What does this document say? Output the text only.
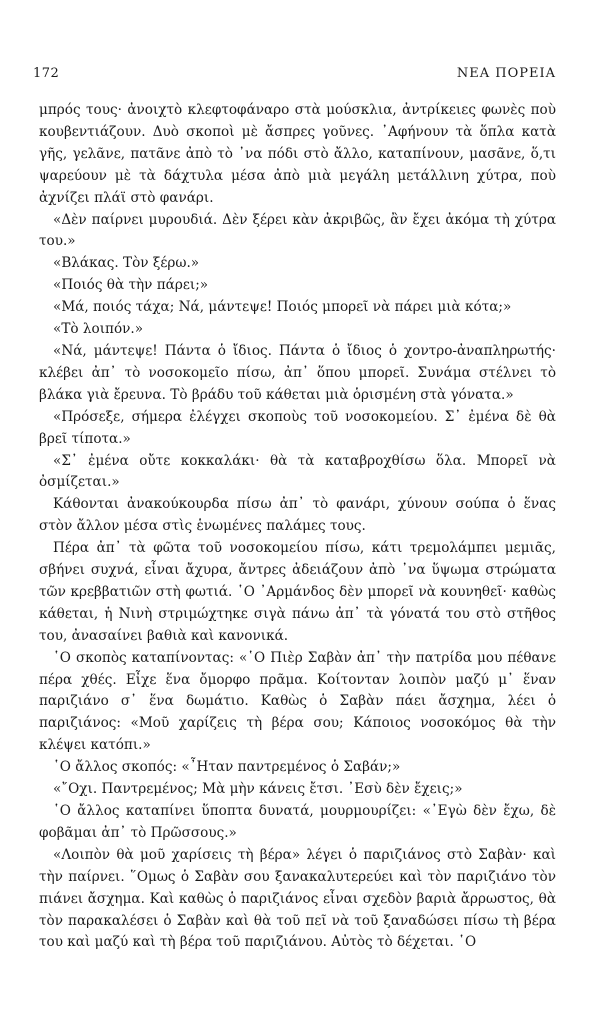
172	ΝΕΑ ΠΟΡΕΙΑ

μπρός τους· ἀνοιχτὸ κλεφτοφάναρο στὰ μούσκλια, ἀντρίκειες φωνὲς ποὺ κουβεντιάζουν. Δυὸ σκοποὶ μὲ ἄσπρες γοῦνες. ᾿Αφήνουν τὰ ὅπλα κατὰ γῆς, γελᾶνε, πατᾶνε ἀπὸ τὸ ᾿να πόδι στὸ ἄλλο, καταπίνουν, μασᾶνε, ὅ,τι ψαρεύουν μὲ τὰ δάχτυλα μέσα ἀπὸ μιὰ μεγάλη μετάλλινη χύτρα, ποὺ ἀχνίζει πλάϊ στὸ φανάρι.

«Δὲν παίρνει μυρουδιά. Δὲν ξέρει κὰν ἀκριβῶς, ἂν ἔχει ἀκόμα τὴ χύτρα του.»

«Βλάκας. Τὸν ξέρω.»

«Ποιός θὰ τὴν πάρει;»

«Μά, ποιός τάχα; Νά, μάντεψε! Ποιός μπορεῖ νὰ πάρει μιὰ κότα;»

«Τὸ λοιπόν.»

«Νά, μάντεψε! Πάντα ὁ ἴδιος. Πάντα ὁ ἴδιος ὁ χοντρο-ἀναπληρωτής· κλέβει ἀπ᾿ τὸ νοσοκομεῖο πίσω, ἀπ᾿ ὅπου μπορεῖ. Συνάμα στέλνει τὸ βλάκα γιὰ ἔρευνα. Τὸ βράδυ τοῦ κάθεται μιὰ ὁρισμένη στὰ γόνατα.»

«Πρόσεξε, σήμερα ἐλέγχει σκοποὺς τοῦ νοσοκομείου. Σ᾿ ἐμένα δὲ θὰ βρεῖ τίποτα.»

«Σ᾿ ἐμένα οὔτε κοκκαλάκι· θὰ τὰ καταβροχθίσω ὅλα. Μπορεῖ νὰ ὀσμίζεται.»

Κάθονται ἀνακούκουρδα πίσω ἀπ᾿ τὸ φανάρι, χύνουν σούπα ὁ ἕνας στὸν ἄλλον μέσα στὶς ἑνωμένες παλάμες τους.

Πέρα ἀπ᾿ τὰ φῶτα τοῦ νοσοκομείου πίσω, κάτι τρεμολάμπει μεμιᾶς, σβήνει συχνά, εἶναι ἄχυρα, ἄντρες ἀδειάζουν ἀπὸ ᾿να ὕψωμα στρώματα τῶν κρεββατιῶν στὴ φωτιά. ῾Ο ᾿Αρμάνδος δὲν μπορεῖ νὰ κουνηθεῖ· καθὼς κάθεται, ἡ Νινὴ στριμώχτηκε σιγὰ πάνω ἀπ᾿ τὰ γόνατά του στὸ στῆθος του, ἀνασαίνει βαθιὰ καὶ κανονικά.

῾Ο σκοπὸς καταπίνοντας: «῾Ο Πιὲρ Σαβὰν ἀπ᾿ τὴν πατρίδα μου πέθανε πέρα χθές. Εἶχε ἕνα ὄμορφο πρᾶμα. Κοίτονταν λοιπὸν μαζύ μ᾿ ἕναν παριζιάνο σ᾿ ἕνα δωμάτιο. Καθὼς ὁ Σαβὰν πάει ἄσχημα, λέει ὁ παριζιάνος: «Μοῦ χαρίζεις τὴ βέρα σου; Κάποιος νοσοκόμος θὰ τὴν κλέψει κατόπι.»

῾Ο ἄλλος σκοπός: «῏Ηταν παντρεμένος ὁ Σαβάν;»

«῎Οχι. Παντρεμένος; Μὰ μὴν κάνεις ἔτσι. ᾿Εσὺ δὲν ἔχεις;»

῾Ο ἄλλος καταπίνει ὕποπτα δυνατά, μουρμουρίζει: «᾿Εγὼ δὲν ἔχω, δὲ φοβᾶμαι ἀπ᾿ τὸ Πρῶσσους.»

«Λοιπὸν θὰ μοῦ χαρίσεις τὴ βέρα» λέγει ὁ παριζιάνος στὸ Σαβὰν· καὶ τὴν παίρνει. ῞Ομως ὁ Σαβὰν σου ξανακαλυτερεύει καὶ τὸν παριζιάνο τὸν πιάνει ἄσχημα. Καὶ καθὼς ὁ παριζιάνος εἶναι σχεδὸν βαριὰ ἄρρωστος, θὰ τὸν παρακαλέσει ὁ Σαβὰν καὶ θὰ τοῦ πεῖ νὰ τοῦ ξαναδώσει πίσω τὴ βέρα του καὶ μαζύ καὶ τὴ βέρα τοῦ παριζιάνου. Αὐτὸς τὸ δέχεται. ῾Ο
